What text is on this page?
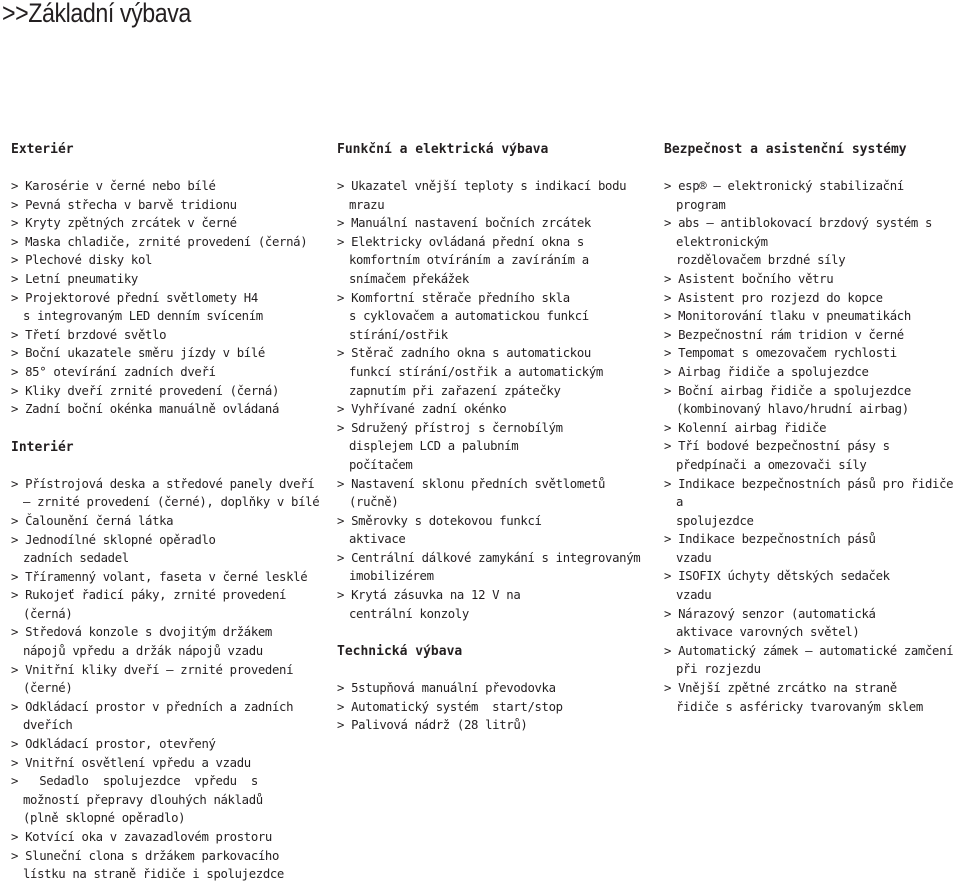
>>Základní výbava
Exteriér
> Karosérie v černé nebo bílé
> Pevná střecha v barvě tridionu
> Kryty zpětných zrcátek v černé
> Maska chladiče, zrnité provedení (černá)
> Plechové disky kol
> Letní pneumatiky
> Projektorové přední světlomety H4
s integrovaným LED denním svícením
> Třetí brzdové světlo
> Boční ukazatele směru jízdy v bílé
> 85° otevírání zadních dveří
> Kliky dveří zrnité provedení (černá)
> Zadní boční okénka manuálně ovládaná
Interiér
> Přístrojová deska a středové panely dveří
– zrnité provedení (černé), doplňky v bílé
> Čalounění černá látka
> Jednodílné sklopné opěradlo
zadních sedadel
> Tříramenný volant, faseta v černé lesklé
> Rukojeť řadicí páky, zrnité provedení
(černá)
> Středová konzole s dvojitým držákem
nápojů vpředu a držák nápojů vzadu
> Vnitřní kliky dveří – zrnité provedení
(černé)
> Odkládací prostor v předních a zadních
dveřích
> Odkládací prostor, otevřený
> Vnitřní osvětlení vpředu a vzadu
>   Sedadlo  spolujezdce  vpředu  s
možností přepravy dlouhých nákladů
(plně sklopné opěradlo)
> Kotvící oka v zavazadlovém prostoru
> Sluneční clona s držákem parkovacího
lístku na straně řidiče i spolujezdce
Funkční a elektrická výbava
> Ukazatel vnější teploty s indikací bodu
mrazu
> Manuální nastavení bočních zrcátek
> Elektricky ovládaná přední okna s
komfortním otvíráním a zavíráním a
snímačem překážek
> Komfortní stěrače předního skla
s cyklovačem a automatickou funkcí
stírání/ostřik
> Stěrač zadního okna s automatickou
funkcí stírání/ostřik a automatickým
zapnutím při zařazení zpátečky
> Vyhřívané zadní okénko
> Sdružený přístroj s černobílým
displejem LCD a palubním
počítačem
> Nastavení sklonu předních světlometů
(ručně)
> Směrovky s dotekovou funkcí
aktivace
> Centrální dálkové zamykání s integrovaným
imobilizérem
> Krytá zásuvka na 12 V na
centrální konzoly
Technická výbava
> 5stupňová manuální převodovka
> Automatický systém  start/stop
> Palivová nádrž (28 litrů)
Bezpečnost a asistenční systémy
> esp® – elektronický stabilizační
program
> abs – antiblokovací brzdový systém s
elektronickým
rozdělovačem brzdné síly
> Asistent bočního větru
> Asistent pro rozjezd do kopce
> Monitorování tlaku v pneumatikách
> Bezpečnostní rám tridion v černé
> Tempomat s omezovačem rychlosti
> Airbag řidiče a spolujezdce
> Boční airbag řidiče a spolujezdce
(kombinovaný hlavo/hrudní airbag)
> Kolenní airbag řidiče
> Tří bodové bezpečnostní pásy s
předpínači a omezovači síly
> Indikace bezpečnostních pásů pro řidiče a
spolujezdce
> Indikace bezpečnostních pásů
vzadu
> ISOFIX úchyty dětských sedaček
vzadu
> Nárazový senzor (automatická
aktivace varovných světel)
> Automatický zámek – automatické zamčení
při rozjezdu
> Vnější zpětné zrcátko na straně
řidiče s asféricky tvarovaným sklem
